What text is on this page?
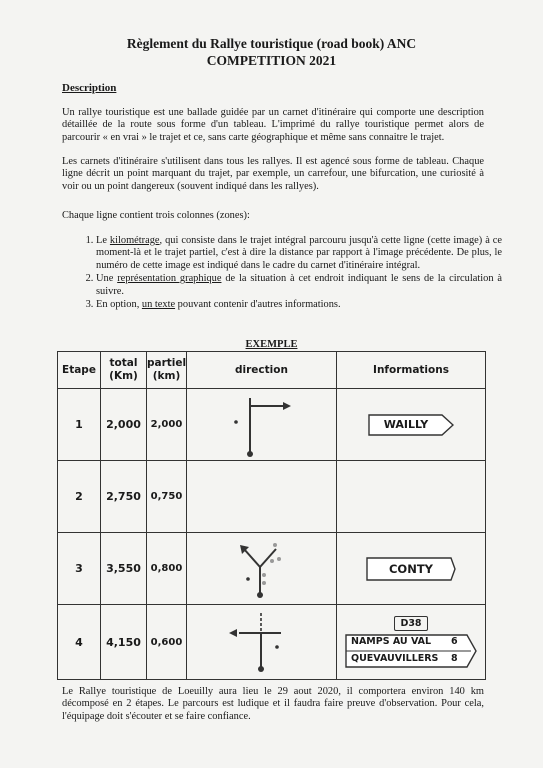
Règlement du Rallye touristique (road book) ANC
COMPETITION 2021
Description
Un rallye touristique est une ballade guidée par un carnet d'itinéraire qui comporte une description détaillée de la route sous forme d'un tableau. L'imprimé du rallye touristique permet alors de parcourir « en vrai » le trajet et ce, sans carte géographique et même sans connaitre le trajet.
Les carnets d'itinéraire s'utilisent dans tous les rallyes. Il est agencé sous forme de tableau. Chaque ligne décrit un point marquant du trajet, par exemple, un carrefour, une bifurcation, une curiosité à voir ou un point dangereux (souvent indiqué dans les rallyes).
Chaque ligne contient trois colonnes (zones):
1. Le kilométrage, qui consiste dans le trajet intégral parcouru jusqu'à cette ligne (cette image) à ce moment-là et le trajet partiel, c'est à dire la distance par rapport à l'image précédente. De plus, le numéro de cette image est indiqué dans le cadre du carnet d'itinéraire intégral.
2. Une représentation graphique de la situation à cet endroit indiquant le sens de la circulation à suivre.
3. En option, un texte pouvant contenir d'autres informations.
EXEMPLE
Etape	total (Km)	partiel (km)	direction	Informations
1	2,000	2,000		WAILLY
2	2,750	0,750		
3	3,550	0,800		CONTY
4	4,150	0,600		D38
NAMPS AU VAL 6
QUEVAUVILLERS 8
Le Rallye touristique de Loeuilly aura lieu le 29 aout 2020, il comportera environ 140 km décomposé en 2 étapes. Le parcours est ludique et il faudra faire preuve d'observation. Pour cela, l'équipage doit s'écouter et se faire confiance.
